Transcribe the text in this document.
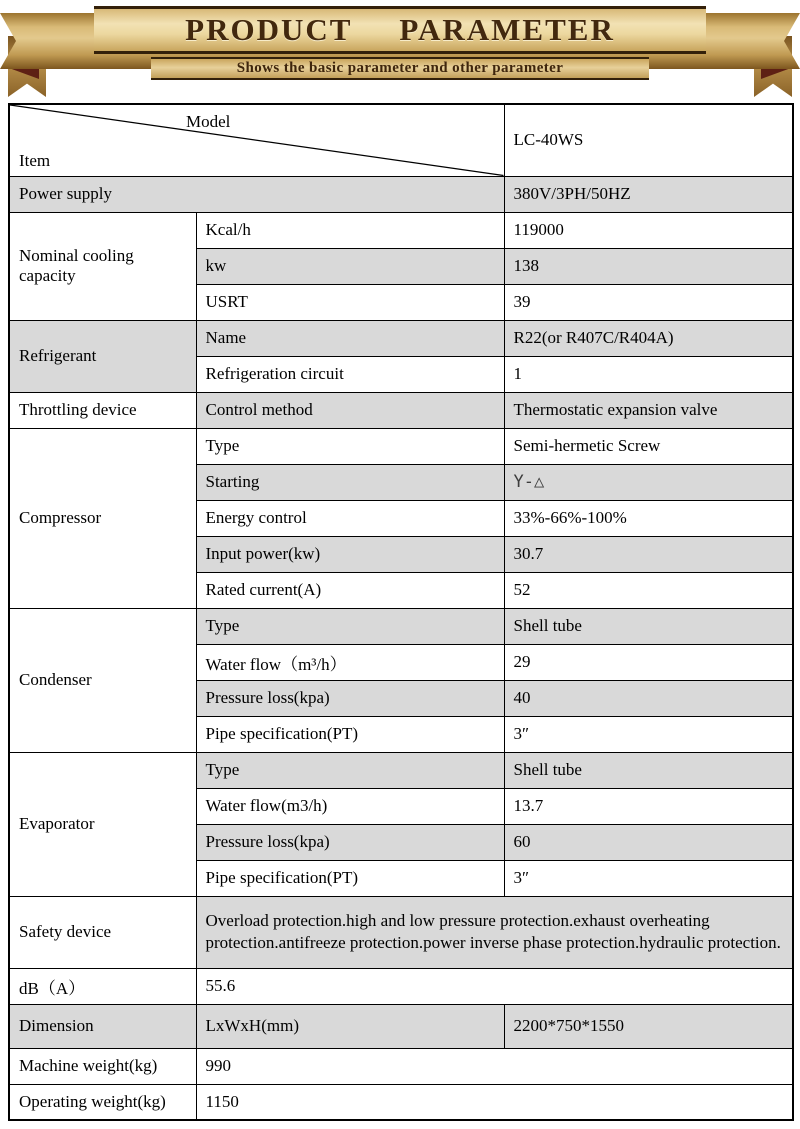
PRODUCT  PARAMETER
Shows the basic parameter and other parameter
Model
Item		LC-40WS
Power supply		380V/3PH/50HZ
Nominal cooling capacity	Kcal/h	119000
	kw	138
	USRT	39
Refrigerant	Name	R22(or R407C/R404A)
	Refrigeration circuit	1
Throttling device	Control method	Thermostatic expansion valve
Compressor	Type	Semi-hermetic Screw
	Starting	Y-△
	Energy control	33%-66%-100%
	Input power(kw)	30.7
	Rated current(A)	52
Condenser	Type	Shell tube
	Water flow（m³/h）	29
	Pressure loss(kpa)	40
	Pipe specification(PT)	3″
Evaporator	Type	Shell tube
	Water flow(m3/h)	13.7
	Pressure loss(kpa)	60
	Pipe specification(PT)	3″
Safety device	Overload protection.high and low pressure protection.exhaust overheating protection.antifreeze protection.power inverse phase protection.hydraulic protection.	
dB（A）	55.6	
Dimension	LxWxH(mm)	2200*750*1550
Machine weight(kg)	990	
Operating weight(kg)	1150	
